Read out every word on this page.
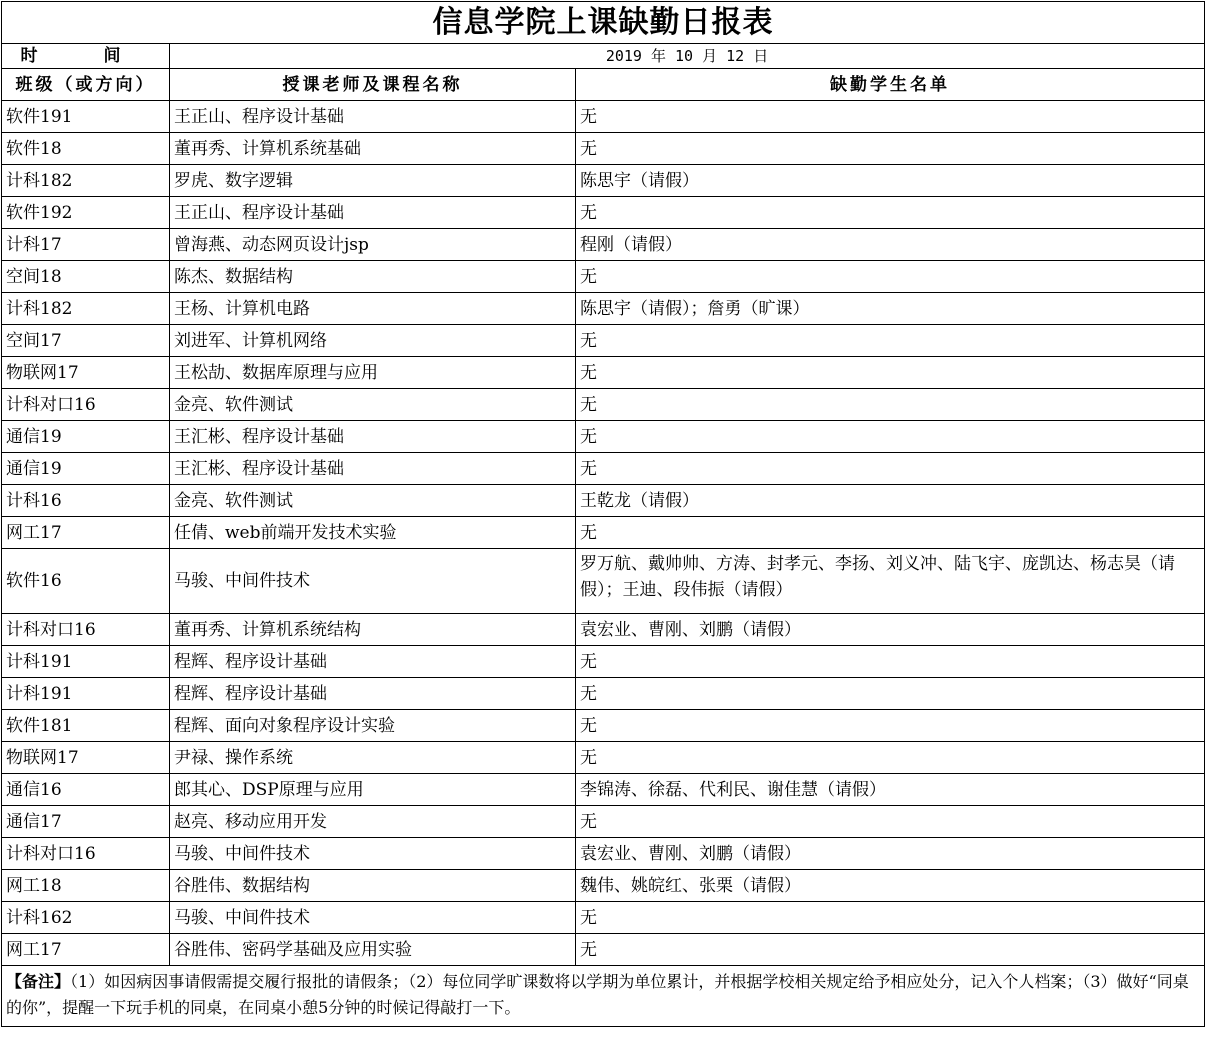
信息学院上课缺勤日报表		
时 间	2019 年 10 月 12 日	
班级（或方向）	授课老师及课程名称	缺勤学生名单
软件191	王正山、程序设计基础	无
软件18	董再秀、计算机系统基础	无
计科182	罗虎、数字逻辑	陈思宇（请假）
软件192	王正山、程序设计基础	无
计科17	曾海燕、动态网页设计jsp	程刚（请假）
空间18	陈杰、数据结构	无
计科182	王杨、计算机电路	陈思宇（请假）；詹勇（旷课）
空间17	刘进军、计算机网络	无
物联网17	王松劼、数据库原理与应用	无
计科对口16	金亮、软件测试	无
通信19	王汇彬、程序设计基础	无
通信19	王汇彬、程序设计基础	无
计科16	金亮、软件测试	王乾龙（请假）
网工17	任倩、web前端开发技术实验	无
软件16	马骏、中间件技术	罗万航、戴帅帅、方涛、封孝元、李扬、刘义冲、陆飞宇、庞凯达、杨志昊（请假）；王迪、段伟振（请假）
计科对口16	董再秀、计算机系统结构	袁宏业、曹刚、刘鹏（请假）
计科191	程辉、程序设计基础	无
计科191	程辉、程序设计基础	无
软件181	程辉、面向对象程序设计实验	无
物联网17	尹禄、操作系统	无
通信16	郎其心、DSP原理与应用	李锦涛、徐磊、代利民、谢佳慧（请假）
通信17	赵亮、移动应用开发	无
计科对口16	马骏、中间件技术	袁宏业、曹刚、刘鹏（请假）
网工18	谷胜伟、数据结构	魏伟、姚皖红、张栗（请假）
计科162	马骏、中间件技术	无
网工17	谷胜伟、密码学基础及应用实验	无
【备注】（1）如因病因事请假需提交履行报批的请假条；（2）每位同学旷课数将以学期为单位累计，并根据学校相关规定给予相应处分，记入个人档案；（3）做好“同桌的你”，提醒一下玩手机的同桌，在同桌小憩5分钟的时候记得敲打一下。		
